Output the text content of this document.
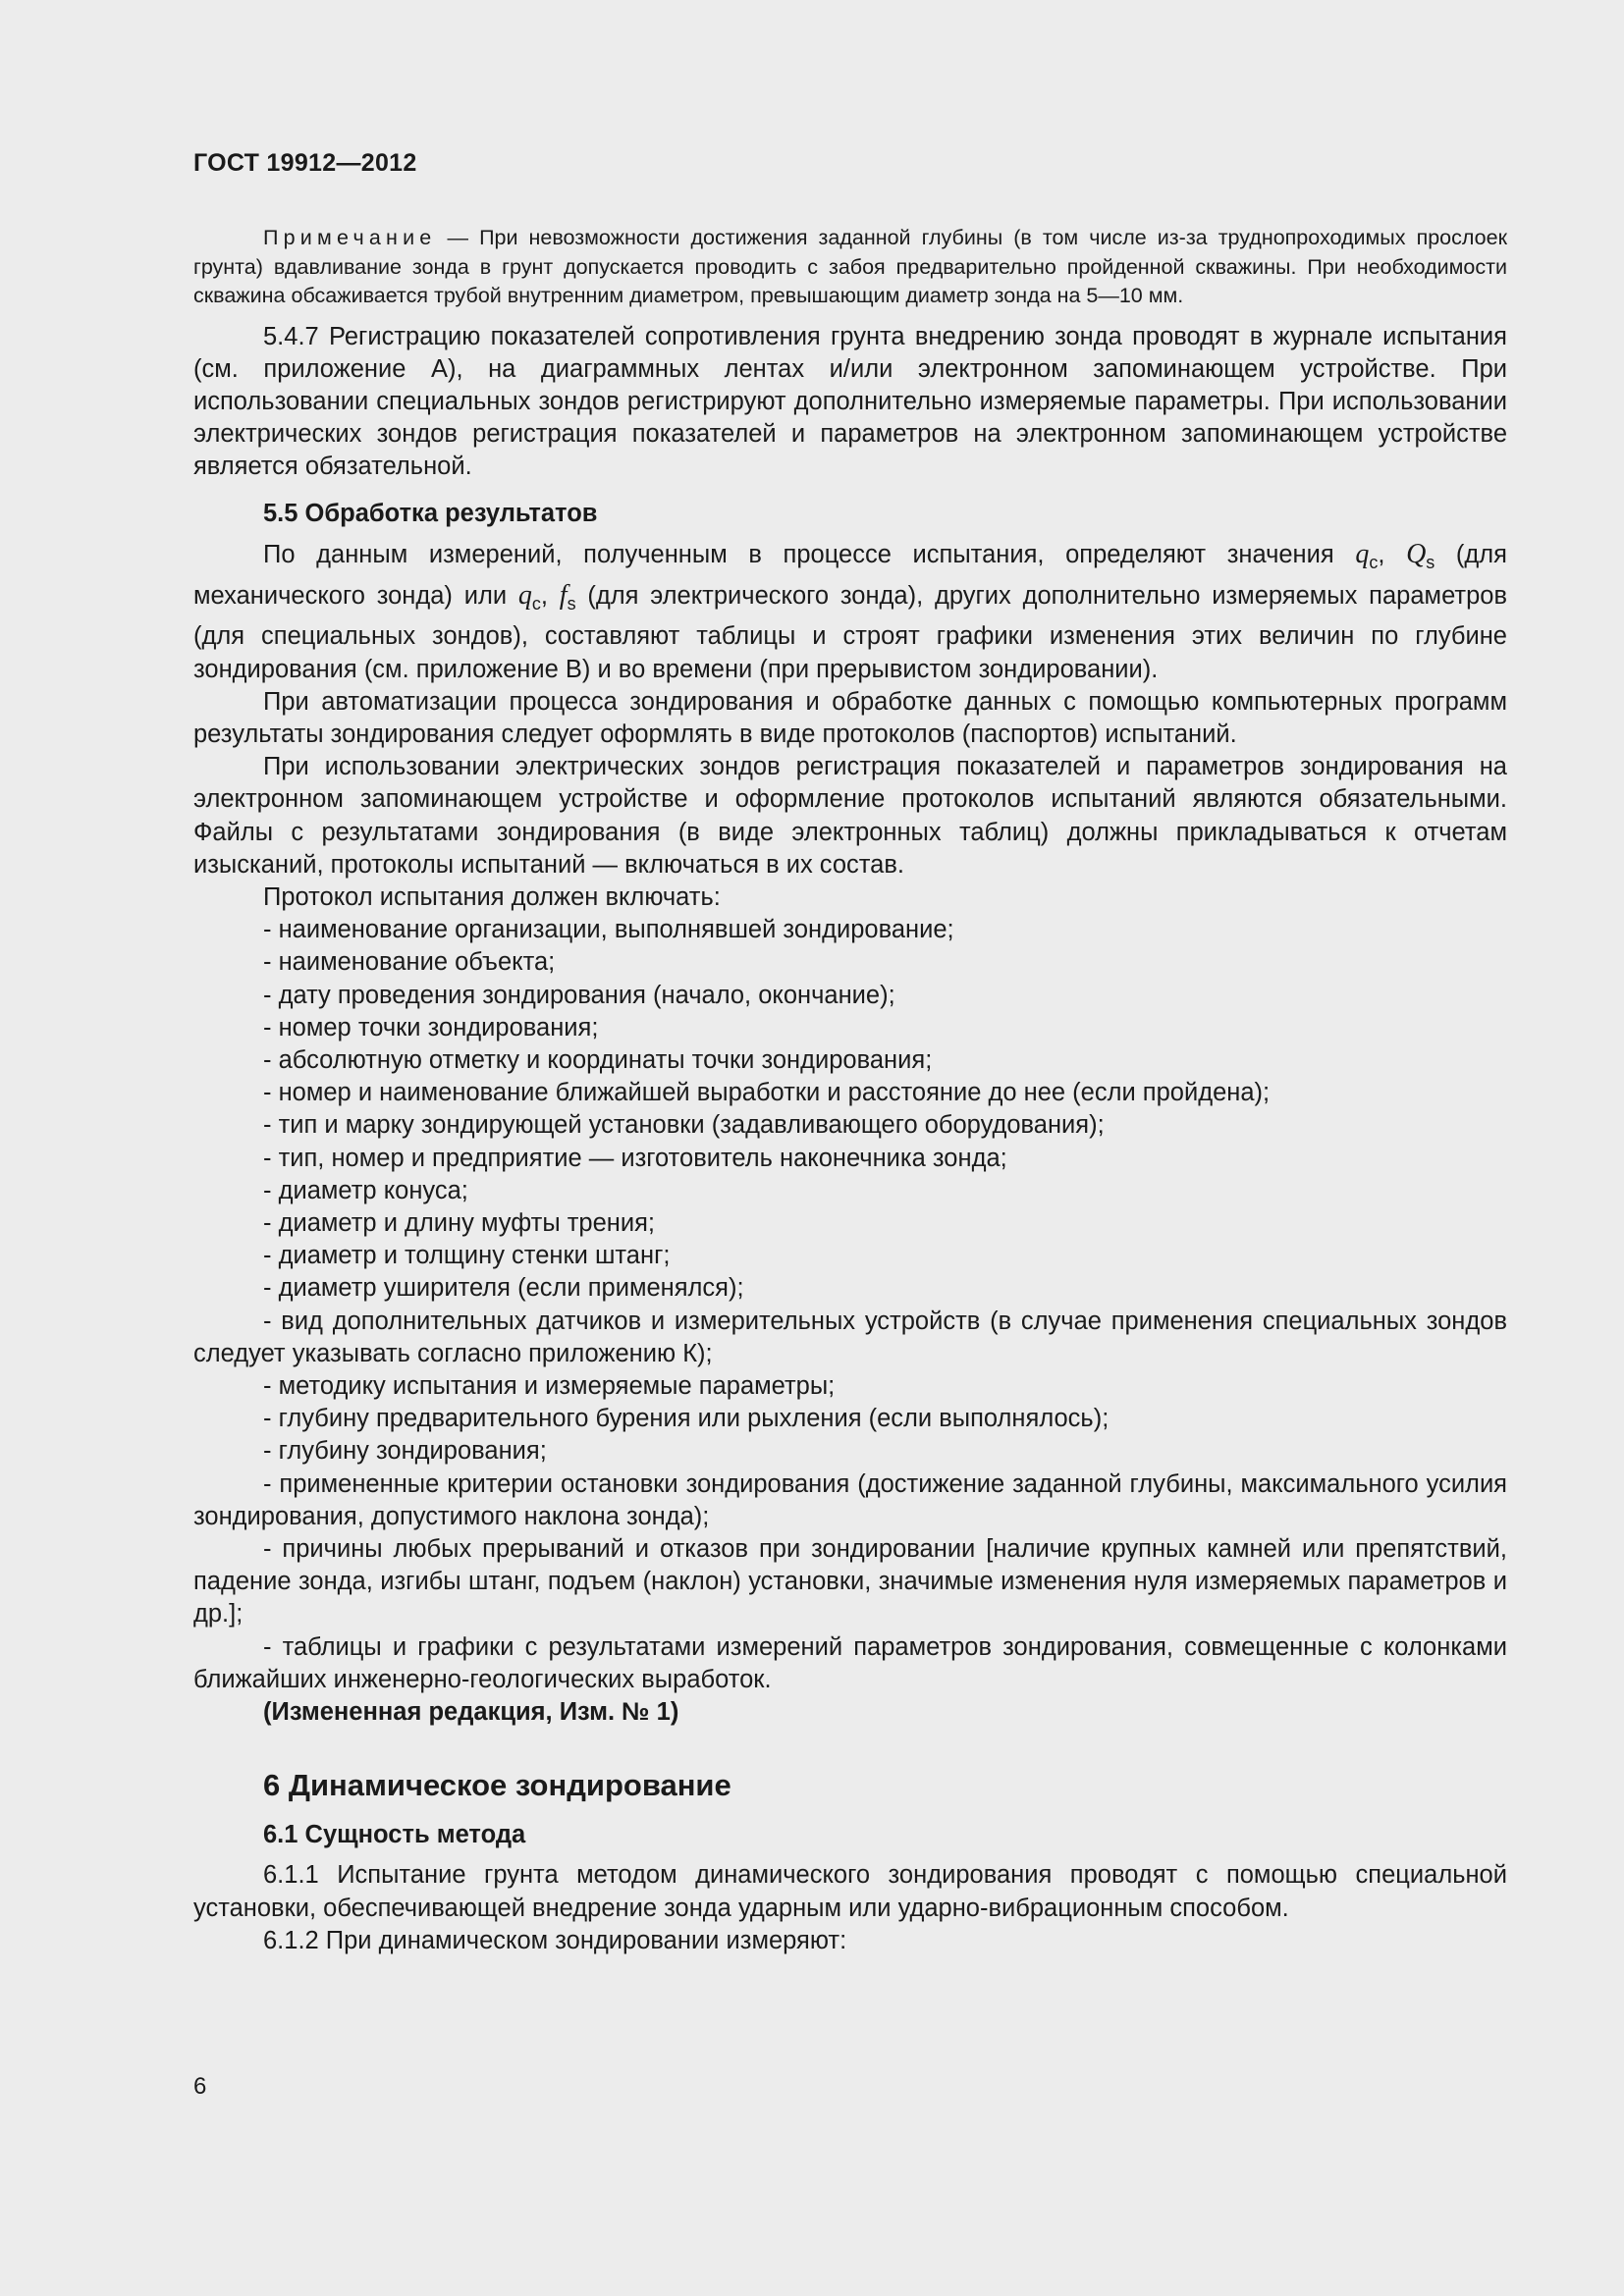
ГОСТ 19912—2012

Примечание — При невозможности достижения заданной глубины (в том числе из-за труднопроходимых прослоек грунта) вдавливание зонда в грунт допускается проводить с забоя предварительно пройденной скважины. При необходимости скважина обсаживается трубой внутренним диаметром, превышающим диаметр зонда на 5—10 мм.

5.4.7 Регистрацию показателей сопротивления грунта внедрению зонда проводят в журнале испытания (см. приложение А), на диаграммных лентах и/или электронном запоминающем устройстве. При использовании специальных зондов регистрируют дополнительно измеряемые параметры. При использовании электрических зондов регистрация показателей и параметров на электронном запоминающем устройстве является обязательной.

5.5 Обработка результатов

По данным измерений, полученным в процессе испытания, определяют значения $q_c$, $Q_s$ (для механического зонда) или $q_c$, $f_s$ (для электрического зонда), других дополнительно измеряемых параметров (для специальных зондов), составляют таблицы и строят графики изменения этих величин по глубине зондирования (см. приложение В) и во времени (при прерывистом зондировании).

При автоматизации процесса зондирования и обработке данных с помощью компьютерных программ результаты зондирования следует оформлять в виде протоколов (паспортов) испытаний.

При использовании электрических зондов регистрация показателей и параметров зондирования на электронном запоминающем устройстве и оформление протоколов испытаний являются обязательными. Файлы с результатами зондирования (в виде электронных таблиц) должны прикладываться к отчетам изысканий, протоколы испытаний — включаться в их состав.

Протокол испытания должен включать:

- наименование организации, выполнявшей зондирование;

- наименование объекта;

- дату проведения зондирования (начало, окончание);

- номер точки зондирования;

- абсолютную отметку и координаты точки зондирования;

- номер и наименование ближайшей выработки и расстояние до нее (если пройдена);

- тип и марку зондирующей установки (задавливающего оборудования);

- тип, номер и предприятие — изготовитель наконечника зонда;

- диаметр конуса;

- диаметр и длину муфты трения;

- диаметр и толщину стенки штанг;

- диаметр уширителя (если применялся);

- вид дополнительных датчиков и измерительных устройств (в случае применения специальных зондов следует указывать согласно приложению К);

- методику испытания и измеряемые параметры;

- глубину предварительного бурения или рыхления (если выполнялось);

- глубину зондирования;

- примененные критерии остановки зондирования (достижение заданной глубины, максимального усилия зондирования, допустимого наклона зонда);

- причины любых прерываний и отказов при зондировании [наличие крупных камней или препятствий, падение зонда, изгибы штанг, подъем (наклон) установки, значимые изменения нуля измеряемых параметров и др.];

- таблицы и графики с результатами измерений параметров зондирования, совмещенные с колонками ближайших инженерно-геологических выработок.

(Измененная редакция, Изм. № 1)

6 Динамическое зондирование
6.1 Сущность метода

6.1.1 Испытание грунта методом динамического зондирования проводят с помощью специальной установки, обеспечивающей внедрение зонда ударным или ударно-вибрационным способом.

6.1.2 При динамическом зондировании измеряют:

6
